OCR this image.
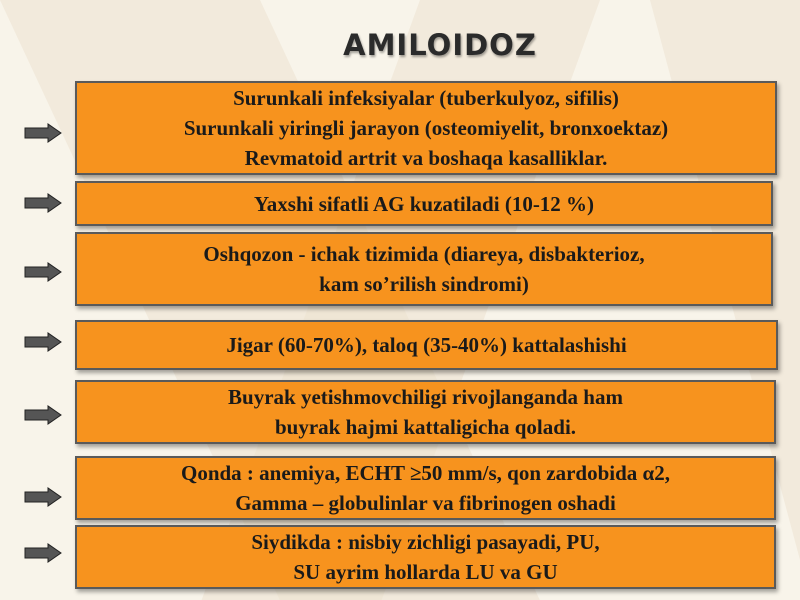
AMILOIDOZ
Surunkali infeksiyalar (tuberkulyoz, sifilis)
Surunkali yiringli jarayon (osteomiyelit, bronxoektaz)
Revmatoid artrit va boshaqa kasalliklar.
Yaxshi sifatli AG kuzatiladi (10-12 %)
Oshqozon - ichak tizimida (diareya, disbakterioz,
kam so’rilish sindromi)
Jigar (60-70%), taloq (35-40%) kattalashishi
Buyrak yetishmovchiligi rivojlanganda ham
buyrak hajmi kattaligicha qoladi.
Qonda : anemiya, ECHT ≥50 mm/s, qon zardobida α2,
Gamma – globulinlar va fibrinogen oshadi
Siydikda : nisbiy zichligi pasayadi, PU,
SU ayrim hollarda LU va GU
